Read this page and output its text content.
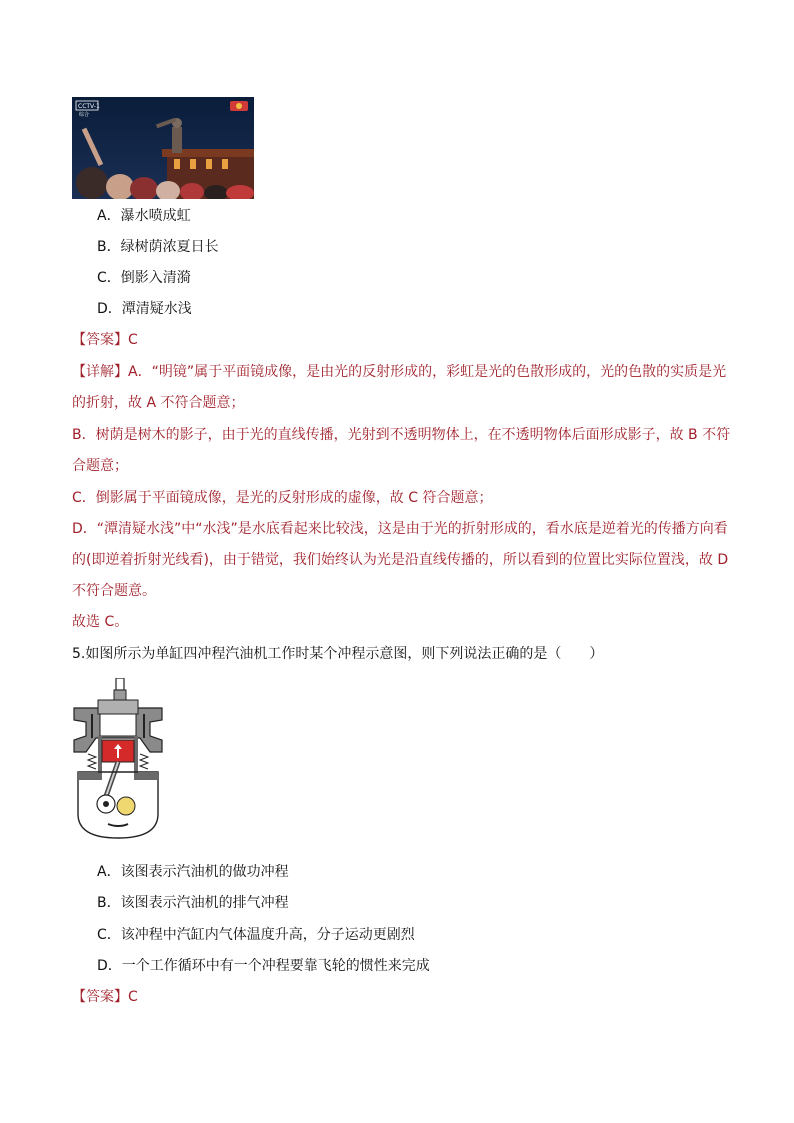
CCTV-1
综合
A．瀑水喷成虹
B．绿树荫浓夏日长
C．倒影入清漪
D．潭清疑水浅
【答案】C
【详解】A．“明镜”属于平面镜成像，是由光的反射形成的，彩虹是光的色散形成的，光的色散的实质是光
的折射，故 A 不符合题意；
B．树荫是树木的影子，由于光的直线传播，光射到不透明物体上，在不透明物体后面形成影子，故 B 不符
合题意；
C．倒影属于平面镜成像，是光的反射形成的虚像，故 C 符合题意；
D．“潭清疑水浅”中“水浅”是水底看起来比较浅，这是由于光的折射形成的，看水底是逆着光的传播方向看
的(即逆着折射光线看)，由于错觉，我们始终认为光是沿直线传播的，所以看到的位置比实际位置浅，故 D
不符合题意。
故选 C。
5.如图所示为单缸四冲程汽油机工作时某个冲程示意图，则下列说法正确的是（　　）
A．该图表示汽油机的做功冲程
B．该图表示汽油机的排气冲程
C．该冲程中汽缸内气体温度升高，分子运动更剧烈
D．一个工作循环中有一个冲程要靠飞轮的惯性来完成
【答案】C
